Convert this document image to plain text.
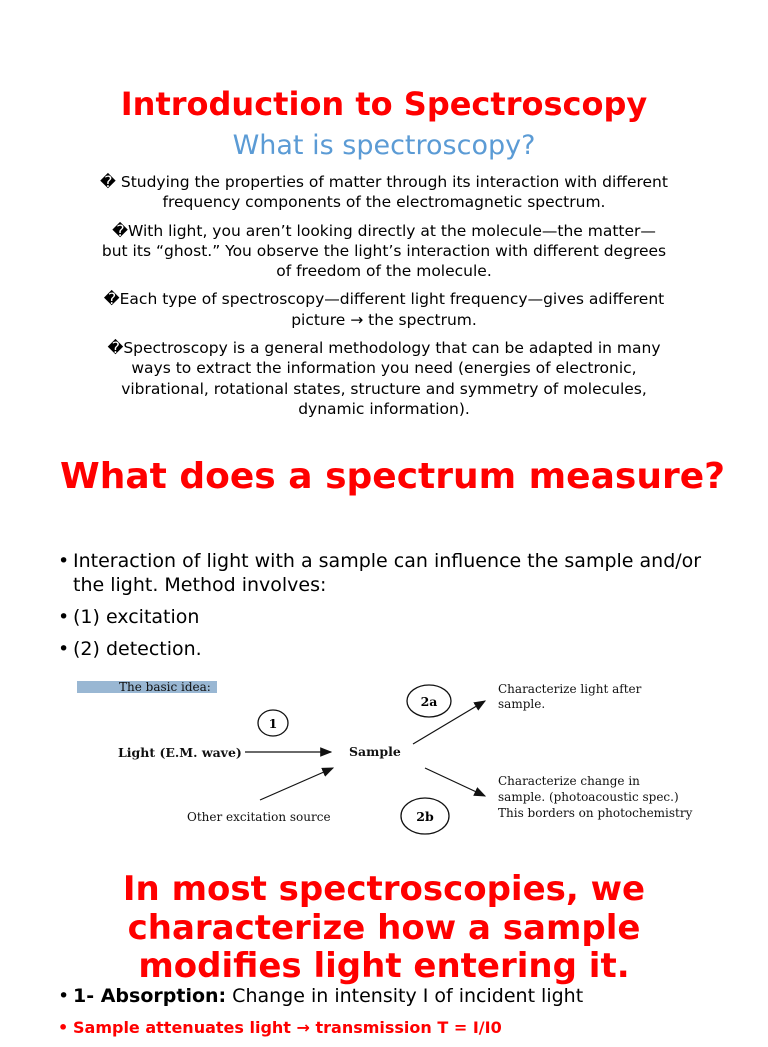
Introduction to Spectroscopy
What is spectroscopy?

� Studying the properties of matter through its interaction with different frequency components of the electromagnetic spectrum.

�With light, you aren’t looking directly at the molecule—the matter—but its “ghost.” You observe the light’s interaction with different degrees of freedom of the molecule.

�Each type of spectroscopy—different light frequency—gives adifferent picture → the spectrum.

�Spectroscopy is a general methodology that can be adapted in many ways to extract the information you need (energies of electronic, vibrational, rotational states, structure and symmetry of molecules, dynamic information).

What does a spectrum measure?
• Interaction of light with a sample can influence the sample and/or the light. Method involves:
• (1) excitation
• (2) detection.
The basic idea:
Light (E.M. wave)	Sample
Other excitation source
1
2a
2b
Characterize light after
sample.
Characterize change in
sample. (photoacoustic spec.)
This borders on photochemistry
In most spectroscopies, we characterize how a sample modifies light entering it.
• 1- Absorption: Change in intensity I of incident light
• Sample attenuates light → transmission T = I/I0
